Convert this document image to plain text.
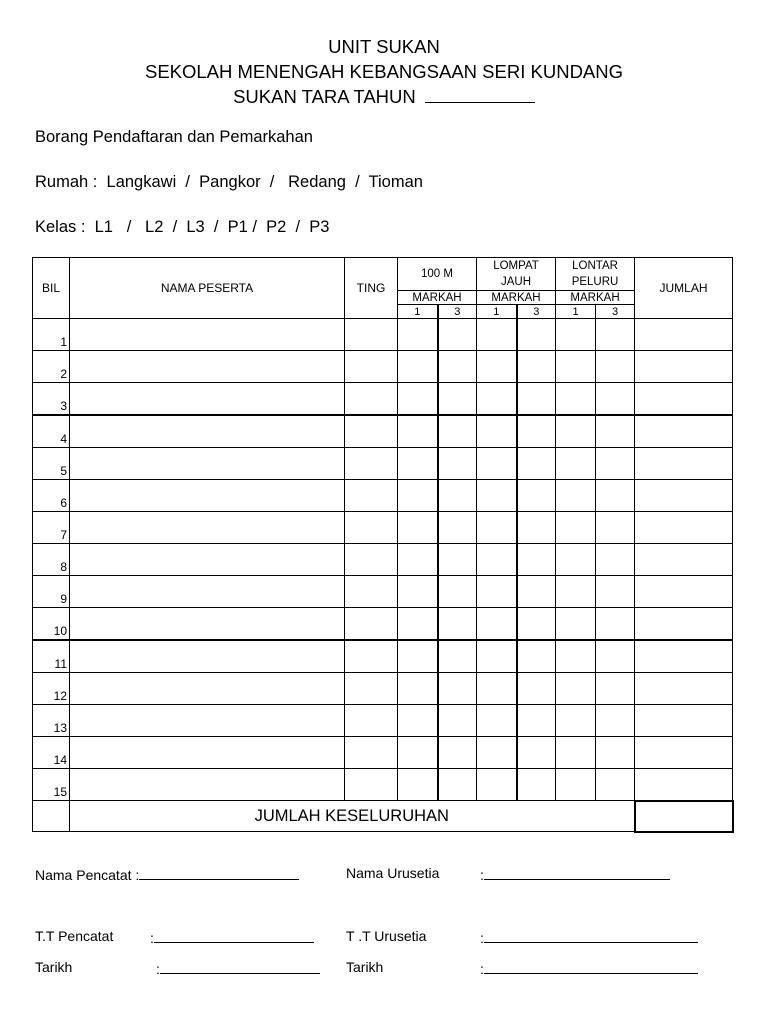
UNIT SUKAN
SEKOLAH MENENGAH KEBANGSAAN SERI KUNDANG
SUKAN TARA TAHUN
Borang Pendaftaran dan Pemarkahan
Rumah :  Langkawi  /  Pangkor  /   Redang  /  Tioman
Kelas :  L1   /   L2  /  L3  /  P1 /  P2  /  P3
BIL	NAMA PESERTA	TING	100 M		LOMPAT JAUH		LONTAR PELURU		JUMLAH
			MARKAH		MARKAH		MARKAH		
			1	3	1	3	1	3	
1									
2									
3									
4									
5									
6									
7									
8									
9									
10									
11									
12									
13									
14									
15									
	JUMLAH KESELURUHAN								
Nama Pencatat :	Nama Urusetia	:
T.T Pencatat	:	T .T Urusetia	:
Tarikh	:	Tarikh	:
